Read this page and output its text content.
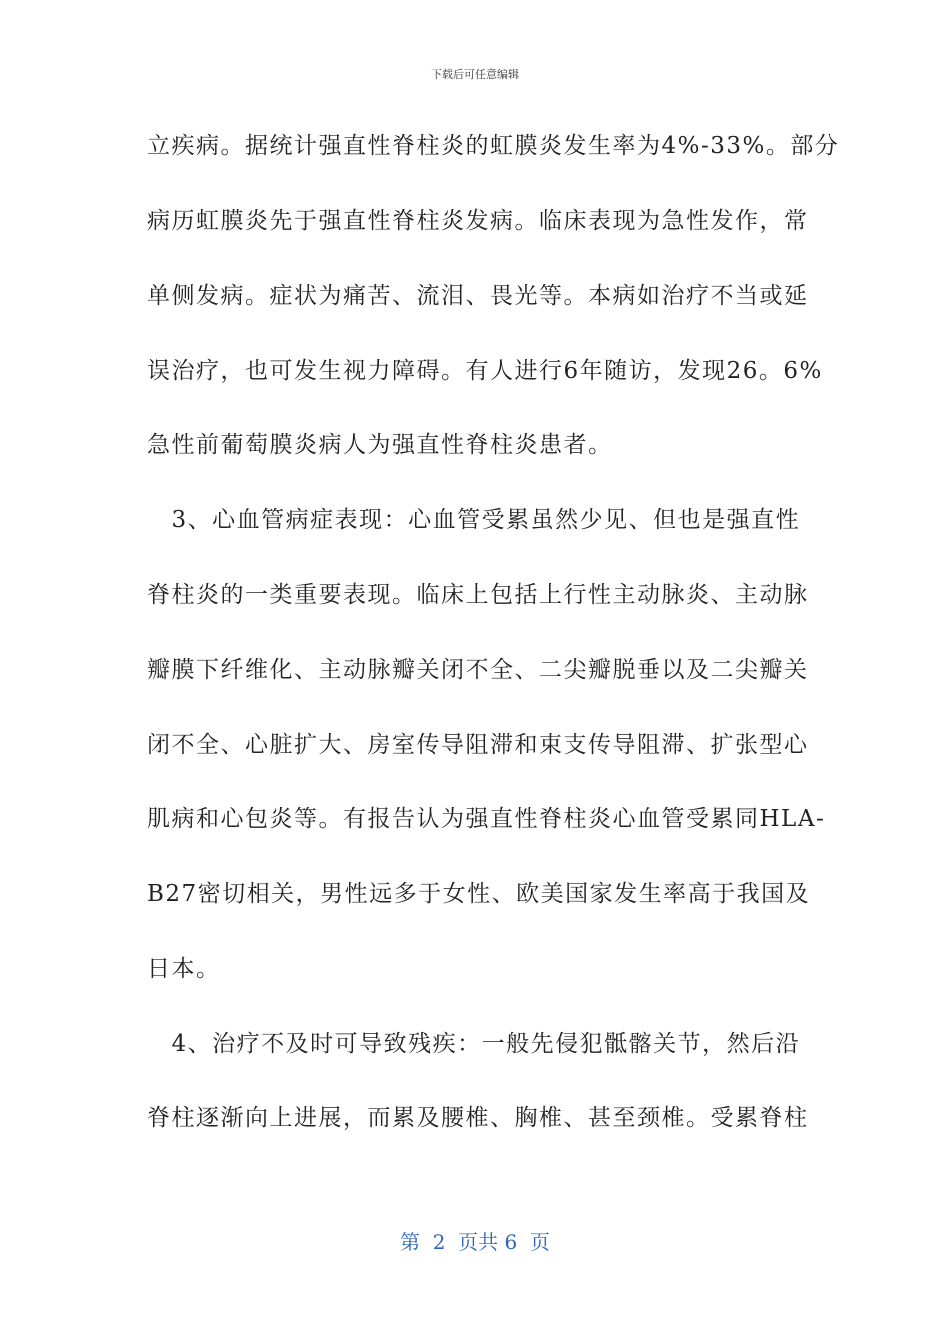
下载后可任意编辑
立疾病。据统计强直性脊柱炎的虹膜炎发生率为4%-33%。部分
病历虹膜炎先于强直性脊柱炎发病。临床表现为急性发作，常
单侧发病。症状为痛苦、流泪、畏光等。本病如治疗不当或延
误治疗，也可发生视力障碍。有人进行6年随访，发现26。6%
急性前葡萄膜炎病人为强直性脊柱炎患者。
　3、心血管病症表现：心血管受累虽然少见、但也是强直性
脊柱炎的一类重要表现。临床上包括上行性主动脉炎、主动脉
瓣膜下纤维化、主动脉瓣关闭不全、二尖瓣脱垂以及二尖瓣关
闭不全、心脏扩大、房室传导阻滞和束支传导阻滞、扩张型心
肌病和心包炎等。有报告认为强直性脊柱炎心血管受累同HLA-
B27密切相关，男性远多于女性、欧美国家发生率高于我国及
日本。
　4、治疗不及时可导致残疾：一般先侵犯骶髂关节，然后沿
脊柱逐渐向上进展，而累及腰椎、胸椎、甚至颈椎。受累脊柱
第  2  页共 6  页
